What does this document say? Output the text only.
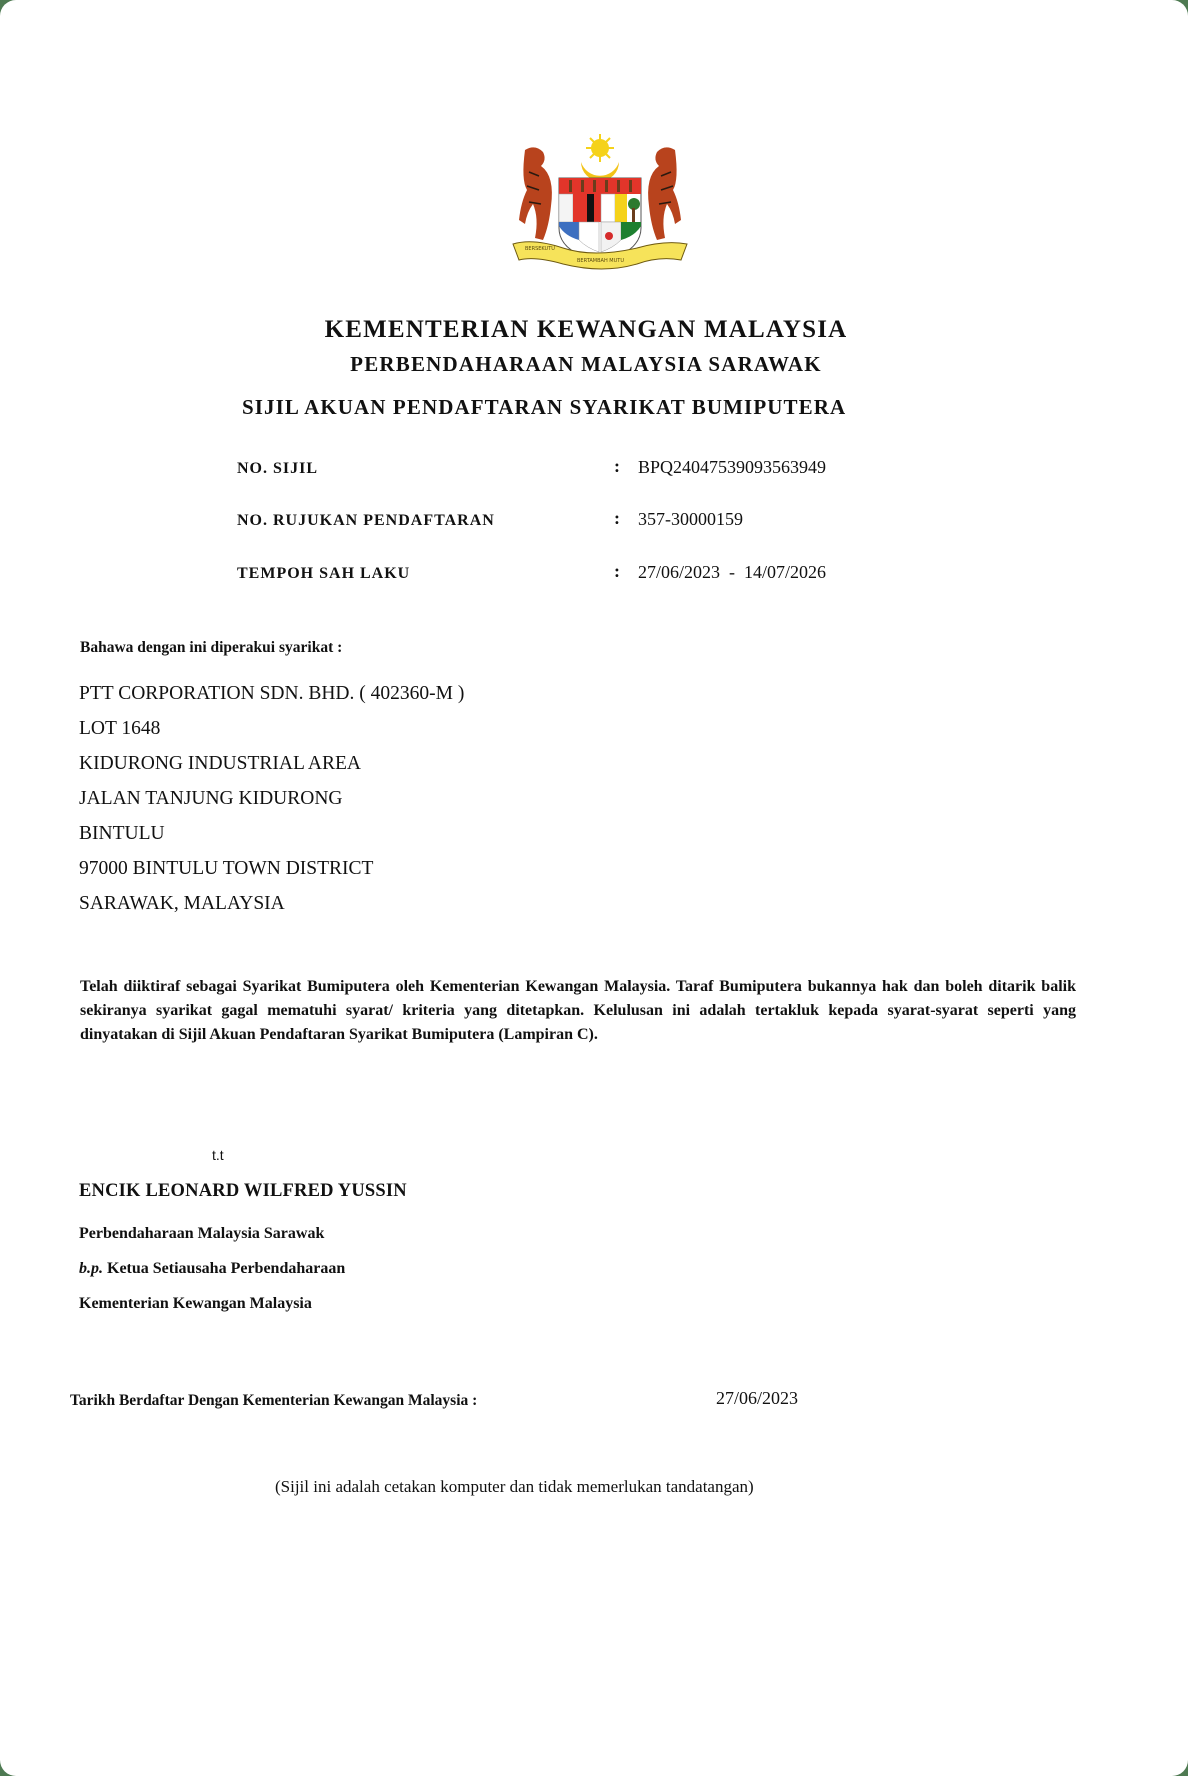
BERSEKUTU
BERTAMBAH MUTU
KEMENTERIAN KEWANGAN MALAYSIA
PERBENDAHARAAN MALAYSIA SARAWAK
SIJIL AKUAN PENDAFTARAN SYARIKAT BUMIPUTERA
NO. SIJIL	: BPQ24047539093563949
NO. RUJUKAN PENDAFTARAN	: 357-30000159
TEMPOH SAH LAKU	: 27/06/2023  -  14/07/2026
Bahawa dengan ini diperakui syarikat :
PTT CORPORATION SDN. BHD. ( 402360-M )
LOT 1648
KIDURONG INDUSTRIAL AREA
JALAN TANJUNG KIDURONG
BINTULU
97000 BINTULU TOWN DISTRICT
SARAWAK, MALAYSIA
Telah diiktiraf sebagai Syarikat Bumiputera oleh Kementerian Kewangan Malaysia. Taraf Bumiputera bukannya hak dan boleh ditarik balik sekiranya syarikat gagal mematuhi syarat/ kriteria yang ditetapkan. Kelulusan ini adalah tertakluk kepada syarat-syarat seperti yang dinyatakan di Sijil Akuan Pendaftaran Syarikat Bumiputera (Lampiran C).
t.t
ENCIK LEONARD WILFRED YUSSIN
Perbendaharaan Malaysia Sarawak
b.p. Ketua Setiausaha Perbendaharaan
Kementerian Kewangan Malaysia
Tarikh Berdaftar Dengan Kementerian Kewangan Malaysia :	27/06/2023
(Sijil ini adalah cetakan komputer dan tidak memerlukan tandatangan)
